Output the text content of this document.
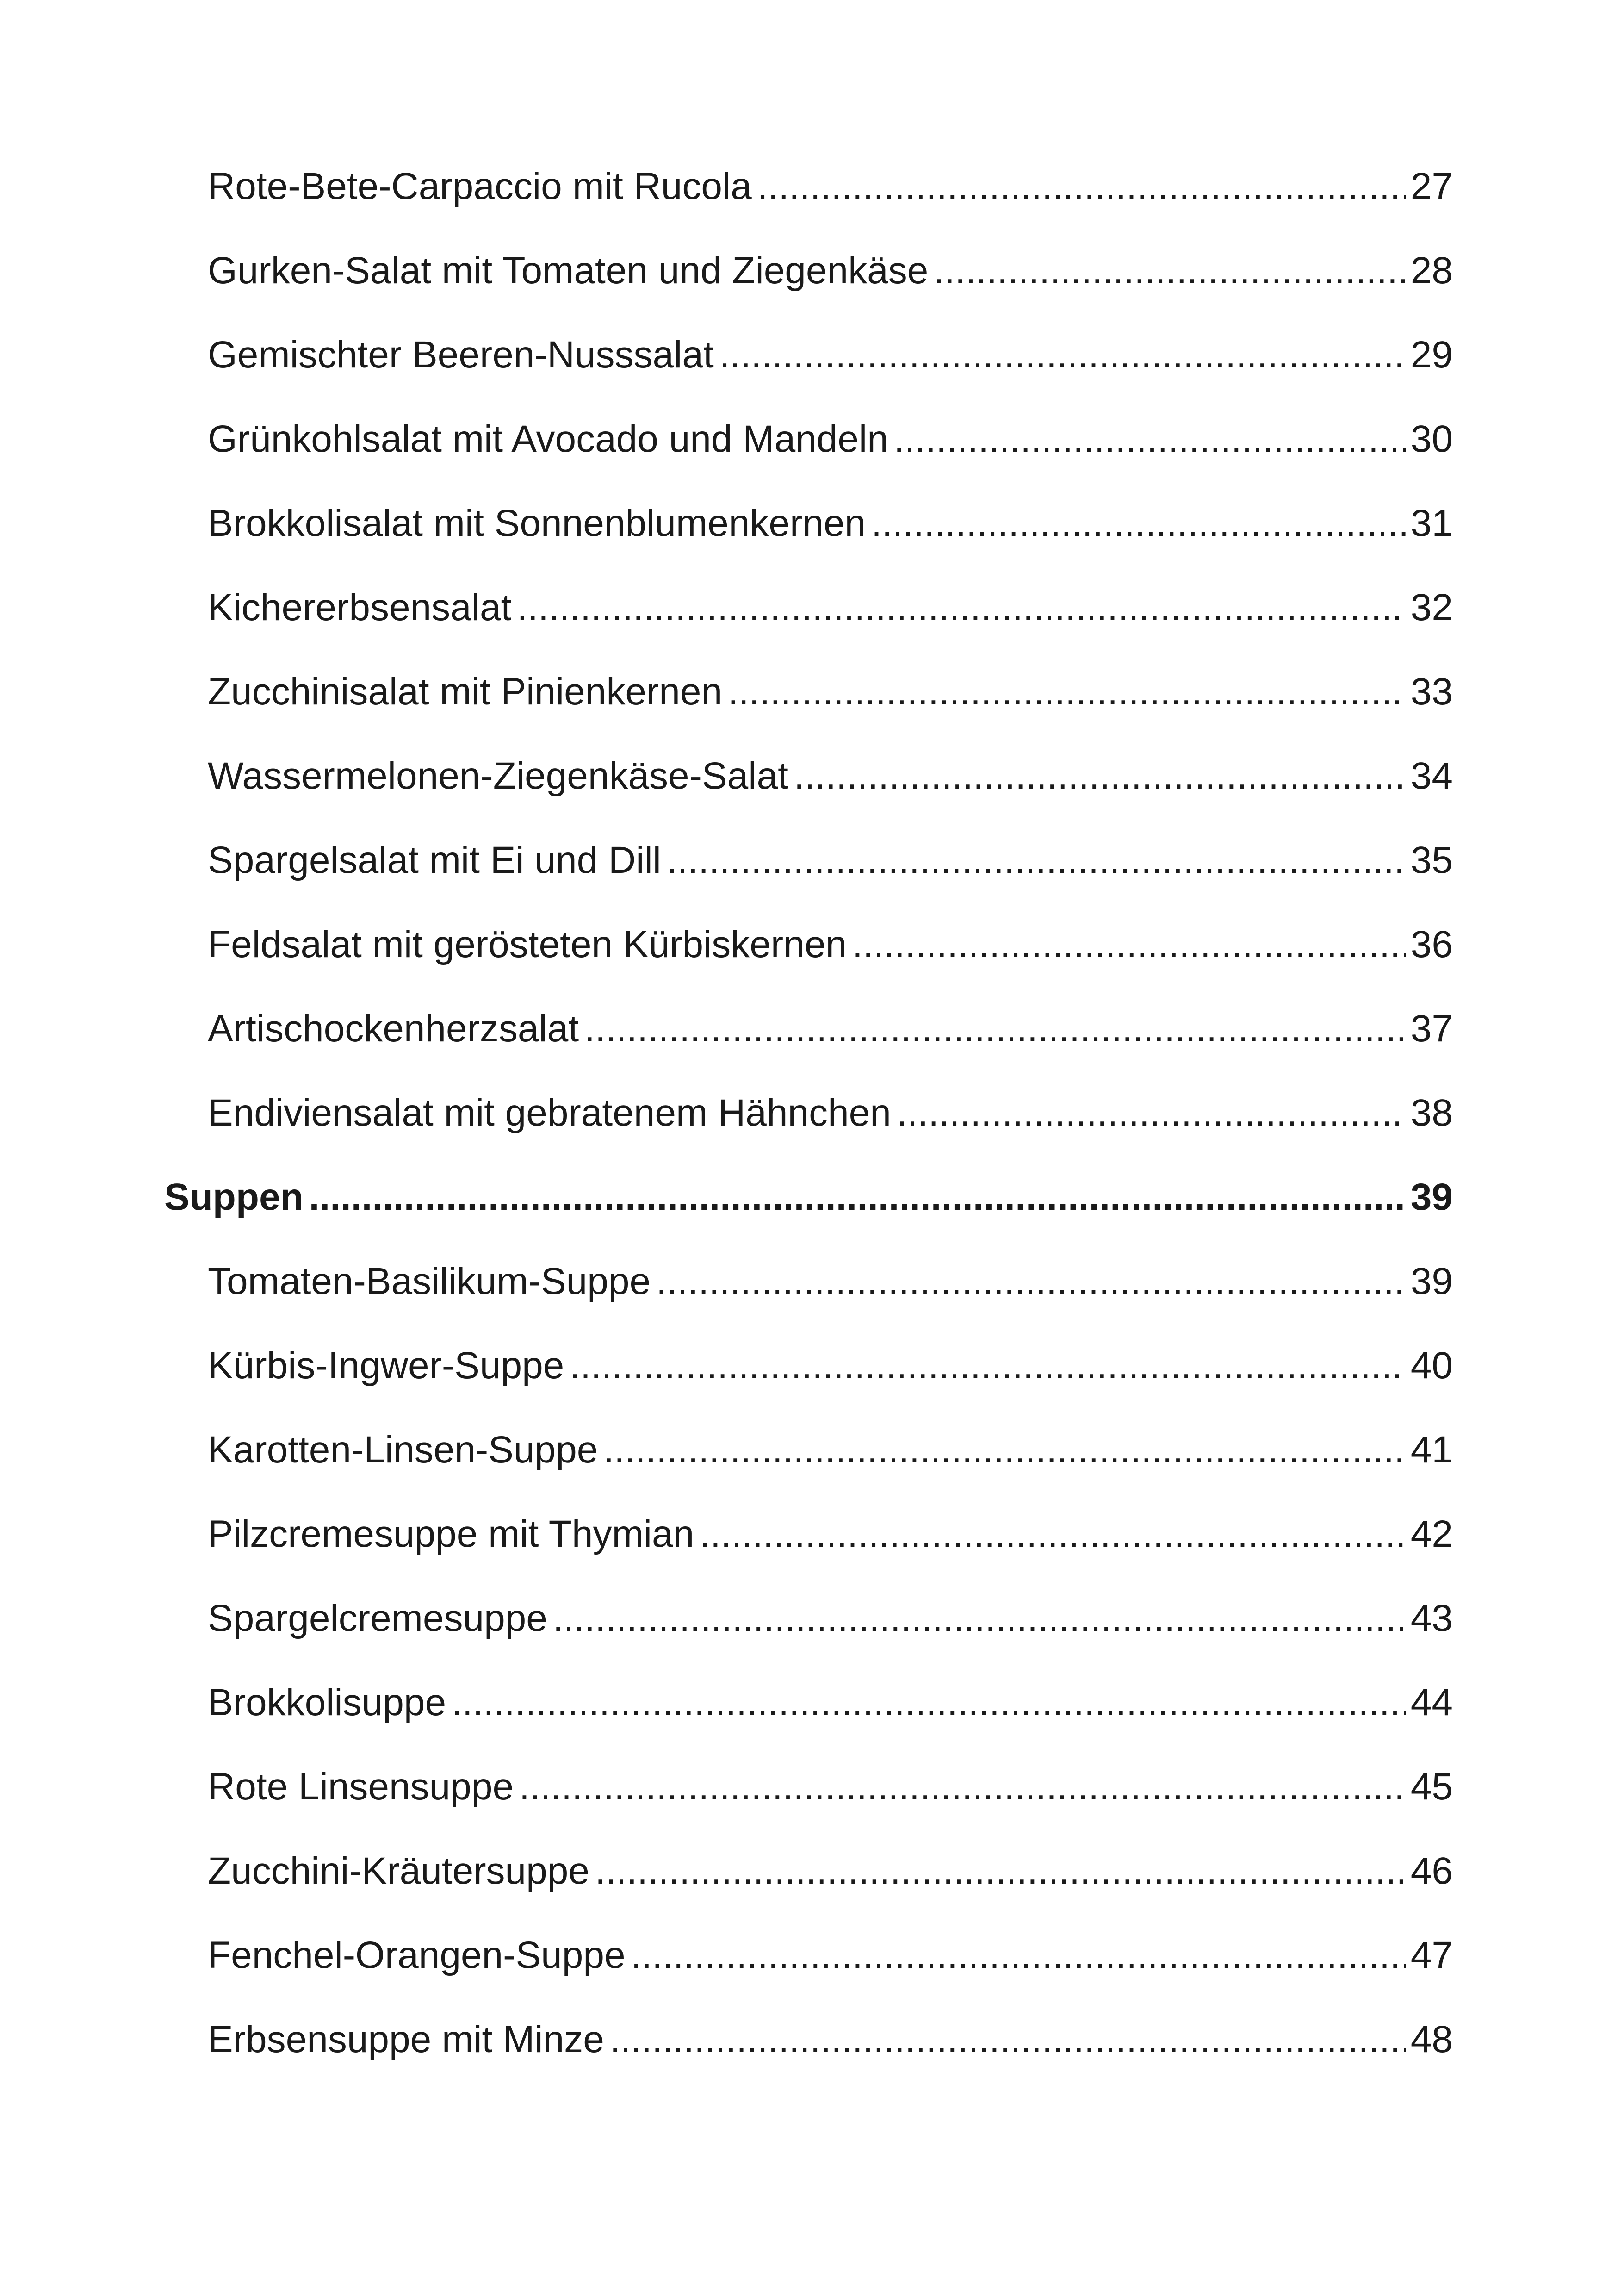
Rote-Bete-Carpaccio mit Rucola .....	27
Gurken-Salat mit Tomaten und Ziegenkäse .....	28
Gemischter Beeren-Nusssalat .....	29
Grünkohlsalat mit Avocado und Mandeln .....	30
Brokkolisalat mit Sonnenblumenkernen .....	31
Kichererbsensalat .....	32
Zucchinisalat mit Pinienkernen .....	33
Wassermelonen-Ziegenkäse-Salat .....	34
Spargelsalat mit Ei und Dill .....	35
Feldsalat mit gerösteten Kürbiskernen .....	36
Artischockenherzsalat .....	37
Endiviensalat mit gebratenem Hähnchen .....	38
Suppen .....	39
Tomaten-Basilikum-Suppe .....	39
Kürbis-Ingwer-Suppe .....	40
Karotten-Linsen-Suppe .....	41
Pilzcremesuppe mit Thymian .....	42
Spargelcremesuppe .....	43
Brokkolisuppe .....	44
Rote Linsensuppe .....	45
Zucchini-Kräutersuppe .....	46
Fenchel-Orangen-Suppe .....	47
Erbsensuppe mit Minze .....	48
